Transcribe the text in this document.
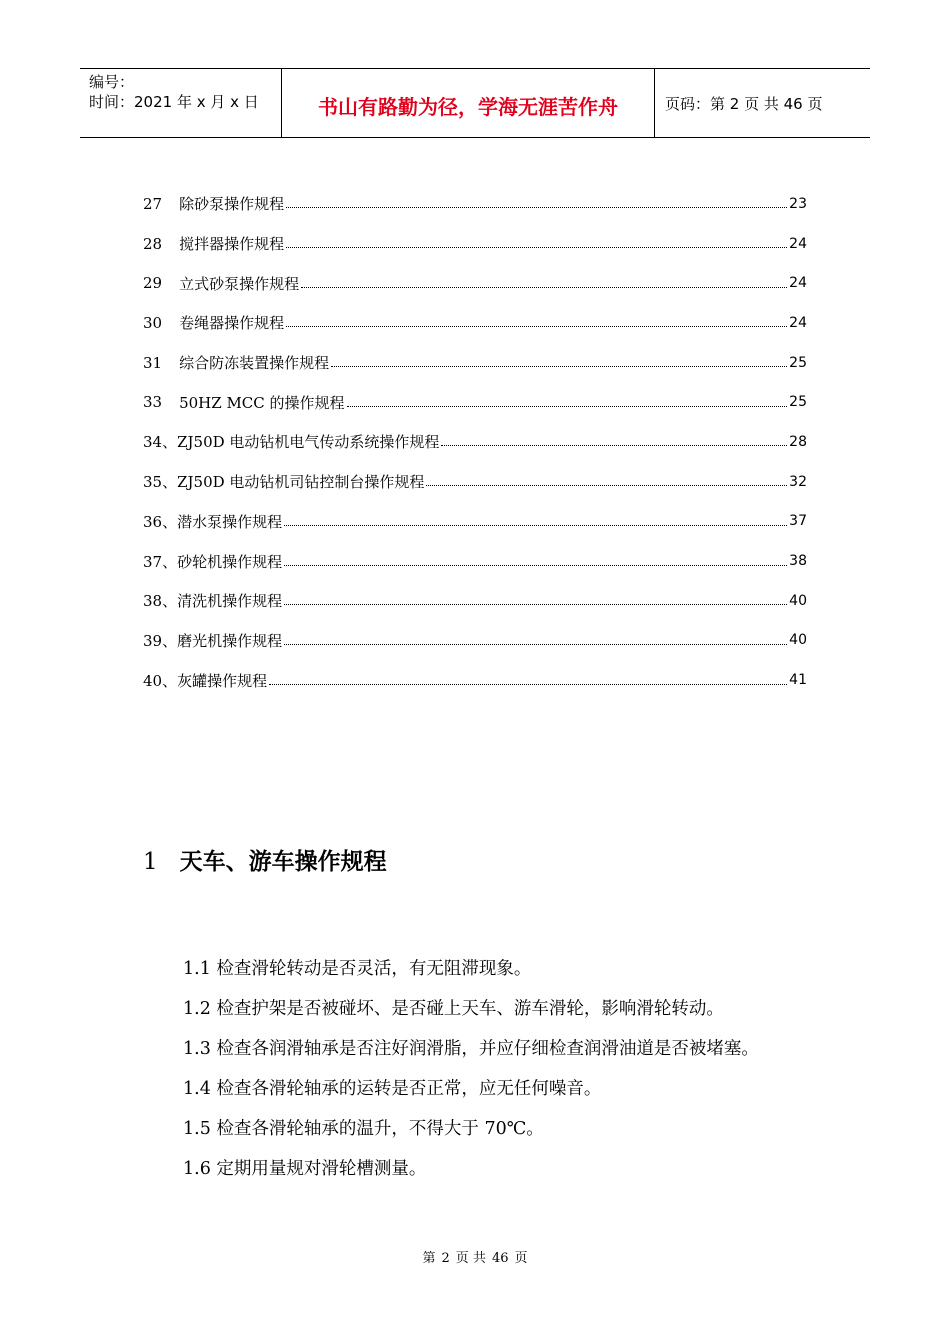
编号：
时间：2021 年 x 月 x 日	书山有路勤为径，学海无涯苦作舟	页码：第 2 页 共 46 页
27 除砂泵操作规程	23
28 搅拌器操作规程	24
29 立式砂泵操作规程	24
30 卷绳器操作规程	24
31 综合防冻装置操作规程	25
33 50HZ MCC 的操作规程	25
34、 ZJ50D 电动钻机电气传动系统操作规程	28
35、 ZJ50D 电动钻机司钻控制台操作规程	32
36、 潜水泵操作规程	37
37、 砂轮机操作规程	38
38、 清洗机操作规程	40
39、 磨光机操作规程	40
40、 灰罐操作规程	41
1 天车、游车操作规程
1.1 检查滑轮转动是否灵活，有无阻滞现象。
1.2 检查护架是否被碰坏、是否碰上天车、游车滑轮，影响滑轮转动。
1.3 检查各润滑轴承是否注好润滑脂，并应仔细检查润滑油道是否被堵塞。
1.4 检查各滑轮轴承的运转是否正常，应无任何噪音。
1.5 检查各滑轮轴承的温升，不得大于 70℃。
1.6 定期用量规对滑轮槽测量。
第 2 页 共 46 页
